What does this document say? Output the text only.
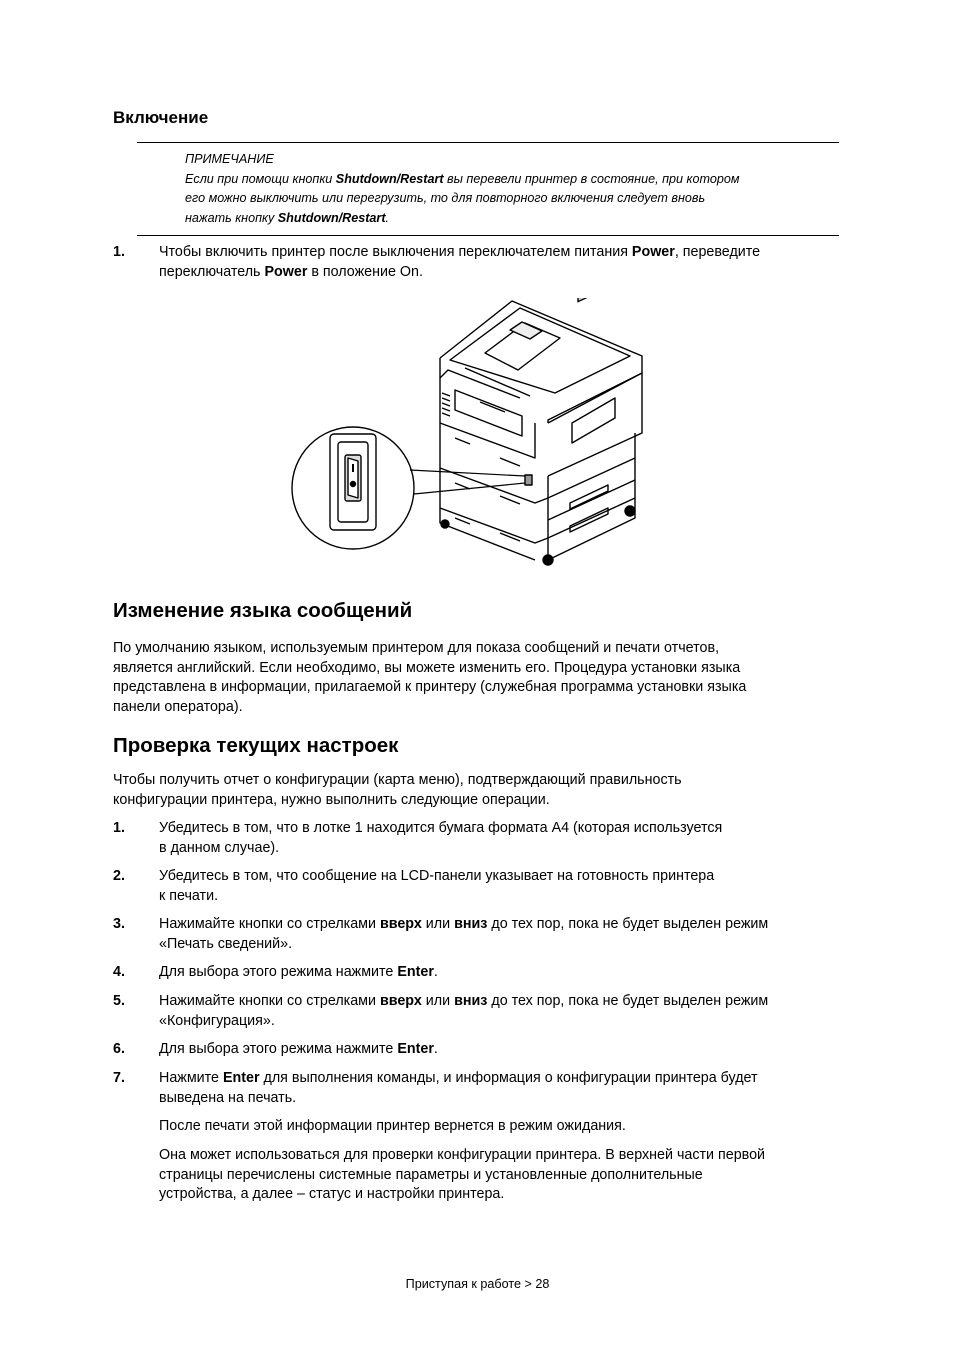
Включение

ПРИМЕЧАНИЕ

Если при помощи кнопки Shutdown/Restart вы перевели принтер в состояние, при котором

его можно выключить или перегрузить, то для повторного включения следует вновь

нажать кнопку Shutdown/Restart.

1. Чтобы включить принтер после выключения переключателем питания Power, переведите
переключатель Power в положение On.
Изменение языка сообщений
По умолчанию языком, используемым принтером для показа сообщений и печати отчетов,
является английский. Если необходимо, вы можете изменить его. Процедура установки языка
представлена в информации, прилагаемой к принтеру (служебная программа установки языка
панели оператора).
Проверка текущих настроек
Чтобы получить отчет о конфигурации (карта меню), подтверждающий правильность
конфигурации принтера, нужно выполнить следующие операции.
1. Убедитесь в том, что в лотке 1 находится бумага формата A4 (которая используется
в данном случае).
2. Убедитесь в том, что сообщение на LCD-панели указывает на готовность принтера
к печати.
3. Нажимайте кнопки со стрелками вверх или вниз до тех пор, пока не будет выделен режим
«Печать сведений».
4. Для выбора этого режима нажмите Enter.
5. Нажимайте кнопки со стрелками вверх или вниз до тех пор, пока не будет выделен режим
«Конфигурация».
6. Для выбора этого режима нажмите Enter.
7. Нажмите Enter для выполнения команды, и информация о конфигурации принтера будет
выведена на печать.
После печати этой информации принтер вернется в режим ожидания.
Она может использоваться для проверки конфигурации принтера. В верхней части первой
страницы перечислены системные параметры и установленные дополнительные
устройства, а далее – статус и настройки принтера.
Приступая к работе > 28
